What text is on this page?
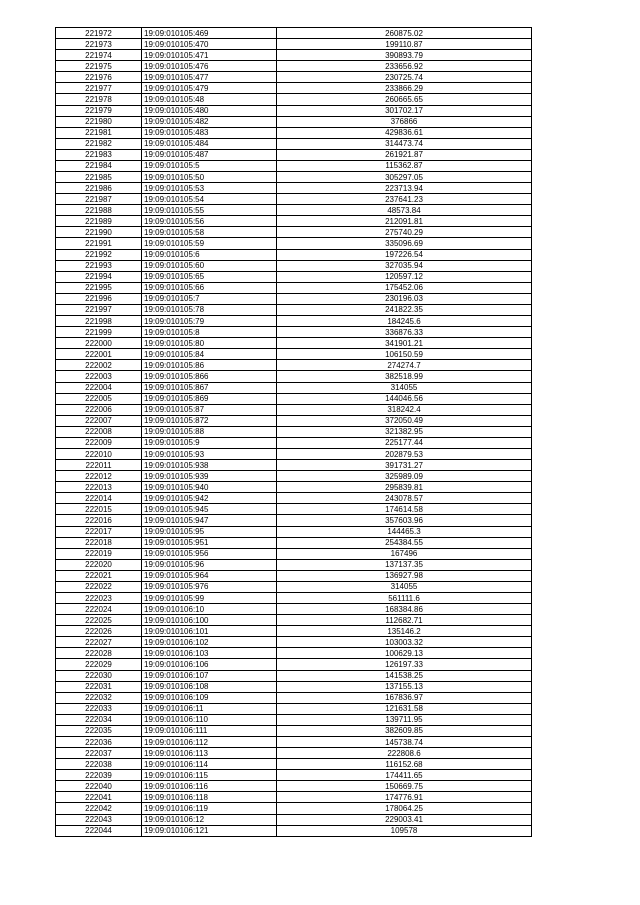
221972	19:09:010105:469	260875.02
221973	19:09:010105:470	199110.87
221974	19:09:010105:471	390893.79
221975	19:09:010105:476	233656.92
221976	19:09:010105:477	230725.74
221977	19:09:010105:479	233866.29
221978	19:09:010105:48	260665.65
221979	19:09:010105:480	301702.17
221980	19:09:010105:482	376866
221981	19:09:010105:483	429836.61
221982	19:09:010105:484	314473.74
221983	19:09:010105:487	261921.87
221984	19:09:010105:5	115362.87
221985	19:09:010105:50	305297.05
221986	19:09:010105:53	223713.94
221987	19:09:010105:54	237641.23
221988	19:09:010105:55	48573.84
221989	19:09:010105:56	212091.81
221990	19:09:010105:58	275740.29
221991	19:09:010105:59	335096.69
221992	19:09:010105:6	197226.54
221993	19:09:010105:60	327035.94
221994	19:09:010105:65	120597.12
221995	19:09:010105:66	175452.06
221996	19:09:010105:7	230196.03
221997	19:09:010105:78	241822.35
221998	19:09:010105:79	184245.6
221999	19:09:010105:8	336876.33
222000	19:09:010105:80	341901.21
222001	19:09:010105:84	106150.59
222002	19:09:010105:86	274274.7
222003	19:09:010105:866	382518.99
222004	19:09:010105:867	314055
222005	19:09:010105:869	144046.56
222006	19:09:010105:87	318242.4
222007	19:09:010105:872	372050.49
222008	19:09:010105:88	321382.95
222009	19:09:010105:9	225177.44
222010	19:09:010105:93	202879.53
222011	19:09:010105:938	391731.27
222012	19:09:010105:939	325989.09
222013	19:09:010105:940	295839.81
222014	19:09:010105:942	243078.57
222015	19:09:010105:945	174614.58
222016	19:09:010105:947	357603.96
222017	19:09:010105:95	144465.3
222018	19:09:010105:951	254384.55
222019	19:09:010105:956	167496
222020	19:09:010105:96	137137.35
222021	19:09:010105:964	136927.98
222022	19:09:010105:976	314055
222023	19:09:010105:99	561111.6
222024	19:09:010106:10	168384.86
222025	19:09:010106:100	112682.71
222026	19:09:010106:101	135146.2
222027	19:09:010106:102	103003.32
222028	19:09:010106:103	100629.13
222029	19:09:010106:106	126197.33
222030	19:09:010106:107	141538.25
222031	19:09:010106:108	137155.13
222032	19:09:010106:109	167836.97
222033	19:09:010106:11	121631.58
222034	19:09:010106:110	139711.95
222035	19:09:010106:111	382609.85
222036	19:09:010106:112	145738.74
222037	19:09:010106:113	222808.6
222038	19:09:010106:114	116152.68
222039	19:09:010106:115	174411.65
222040	19:09:010106:116	150669.75
222041	19:09:010106:118	174776.91
222042	19:09:010106:119	178064.25
222043	19:09:010106:12	229003.41
222044	19:09:010106:121	109578
